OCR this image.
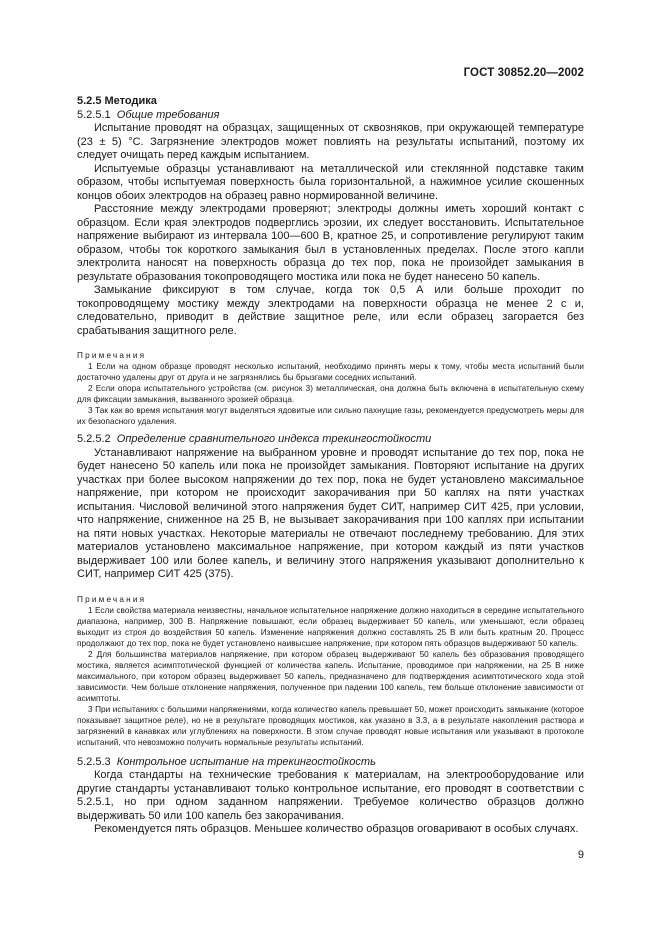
ГОСТ 30852.20—2002

5.2.5 Методика

5.2.5.1 Общие требования

Испытание проводят на образцах, защищенных от сквозняков, при окружающей температуре (23 ± 5) °С. Загрязнение электродов может повлиять на результаты испытаний, поэтому их следует очищать перед каждым испытанием.

Испытуемые образцы устанавливают на металлической или стеклянной подставке таким образом, чтобы испытуемая поверхность была горизонтальной, а нажимное усилие скошенных концов обоих электродов на образец равно нормированной величине.

Расстояние между электродами проверяют; электроды должны иметь хороший контакт с образцом. Если края электродов подверглись эрозии, их следует восстановить. Испытательное напряжение выбирают из интервала 100—600 В, кратное 25, и сопротивление регулируют таким образом, чтобы ток короткого замыкания был в установленных пределах. После этого капли электролита наносят на поверхность образца до тех пор, пока не произойдет замыкания в результате образования токопроводящего мостика или пока не будет нанесено 50 капель.

Замыкание фиксируют в том случае, когда ток 0,5 А или больше проходит по токопроводящему мостику между электродами на поверхности образца не менее 2 с и, следовательно, приводит в действие защитное реле, или если образец загорается без срабатывания защитного реле.

Примечания

1 Если на одном образце проводят несколько испытаний, необходимо принять меры к тому, чтобы места испытаний были достаточно удалены друг от друга и не загрязнялись бы брызгами соседних испытаний.

2 Если опора испытательного устройства (см. рисунок 3) металлическая, она должна быть включена в испытательную схему для фиксации замыкания, вызванного эрозией образца.

3 Так как во время испытания могут выделяться ядовитые или сильно пахнущие газы, рекомендуется предусмотреть меры для их безопасного удаления.

5.2.5.2 Определение сравнительного индекса трекингостойкости

Устанавливают напряжение на выбранном уровне и проводят испытание до тех пор, пока не будет нанесено 50 капель или пока не произойдет замыкания. Повторяют испытание на других участках при более высоком напряжении до тех пор, пока не будет установлено максимальное напряжение, при котором не происходит закорачивания при 50 каплях на пяти участках испытания. Числовой величиной этого напряжения будет СИТ, например СИТ 425, при условии, что напряжение, сниженное на 25 В, не вызывает закорачивания при 100 каплях при испытании на пяти новых участках. Некоторые материалы не отвечают последнему требованию. Для этих материалов установлено максимальное напряжение, при котором каждый из пяти участков выдерживает 100 или более капель, и величину этого напряжения указывают дополнительно к СИТ, например СИТ 425 (375).

Примечания

1 Если свойства материала неизвестны, начальное испытательное напряжение должно находиться в середине испытательного диапазона, например, 300 В. Напряжение повышают, если образец выдерживает 50 капель, или уменьшают, если образец выходит из строя до воздействия 50 капель. Изменение напряжения должно составлять 25 В или быть кратным 20. Процесс продолжают до тех пор, пока не будет установлено наивысшее напряжение, при котором пять образцов выдерживают 50 капель.

2 Для большинства материалов напряжение, при котором образец выдерживают 50 капель без образования проводящего мостика, является асимптотической функцией от количества капель. Испытание, проводимое при напряжении, на 25 В ниже максимального, при котором образец выдерживает 50 капель, предназначено для подтверждения асимптотического хода этой зависимости. Чем больше отклонение напряжения, полученное при падении 100 капель, тем больше отклонение зависимости от асимптоты.

3 При испытаниях с большими напряжениями, когда количество капель превышает 50, может происходить замыкание (которое показывает защитное реле), но не в результате проводящих мостиков, как указано в 3.3, а в результате накопления раствора и загрязнений в канавках или углублениях на поверхности. В этом случае проводят новые испытания или указывают в протоколе испытаний, что невозможно получить нормальные результаты испытаний.

5.2.5.3 Контрольное испытание на трекингостойкость

Когда стандарты на технические требования к материалам, на электрооборудование или другие стандарты устанавливают только контрольное испытание, его проводят в соответствии с 5.2.5.1, но при одном заданном напряжении. Требуемое количество образцов должно выдерживать 50 или 100 капель без закорачивания.

Рекомендуется пять образцов. Меньшее количество образцов оговаривают в особых случаях.

9
